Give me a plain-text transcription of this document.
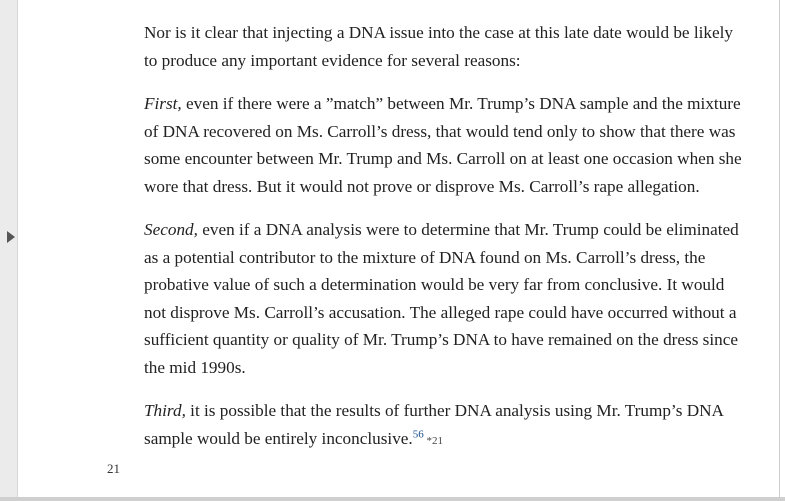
Nor is it clear that injecting a DNA issue into the case at this late date would be likely to produce any important evidence for several reasons:

First, even if there were a ”match” between Mr. Trump’s DNA sample and the mixture of DNA recovered on Ms. Carroll’s dress, that would tend only to show that there was some encounter between Mr. Trump and Ms. Carroll on at least one occasion when she wore that dress. But it would not prove or disprove Ms. Carroll’s rape allegation.

Second, even if a DNA analysis were to determine that Mr. Trump could be eliminated as a potential contributor to the mixture of DNA found on Ms. Carroll’s dress, the probative value of such a determination would be very far from conclusive. It would not disprove Ms. Carroll’s accusation. The alleged rape could have occurred without a sufficient quantity or quality of Mr. Trump’s DNA to have remained on the dress since the mid 1990s.

Third, it is possible that the results of further DNA analysis using Mr. Trump’s DNA sample would be entirely inconclusive.$^{56}$ *21

21
